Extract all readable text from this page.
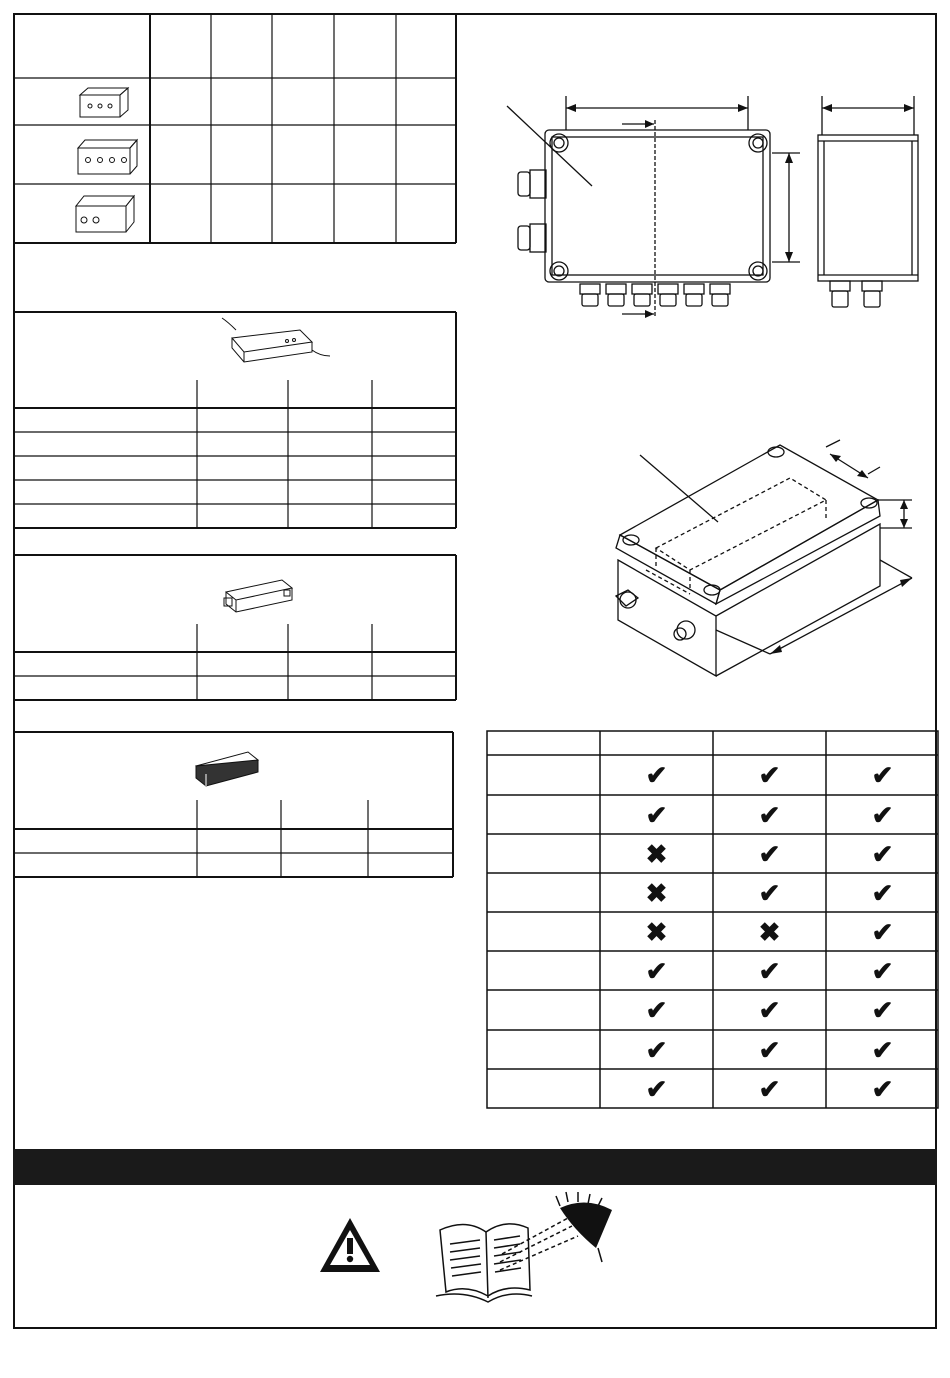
✔	✔	✔
✔	✔	✔
✖	✔	✔
✖	✔	✔
✖	✖	✔
✔	✔	✔
✔	✔	✔
✔	✔	✔
✔	✔	✔
